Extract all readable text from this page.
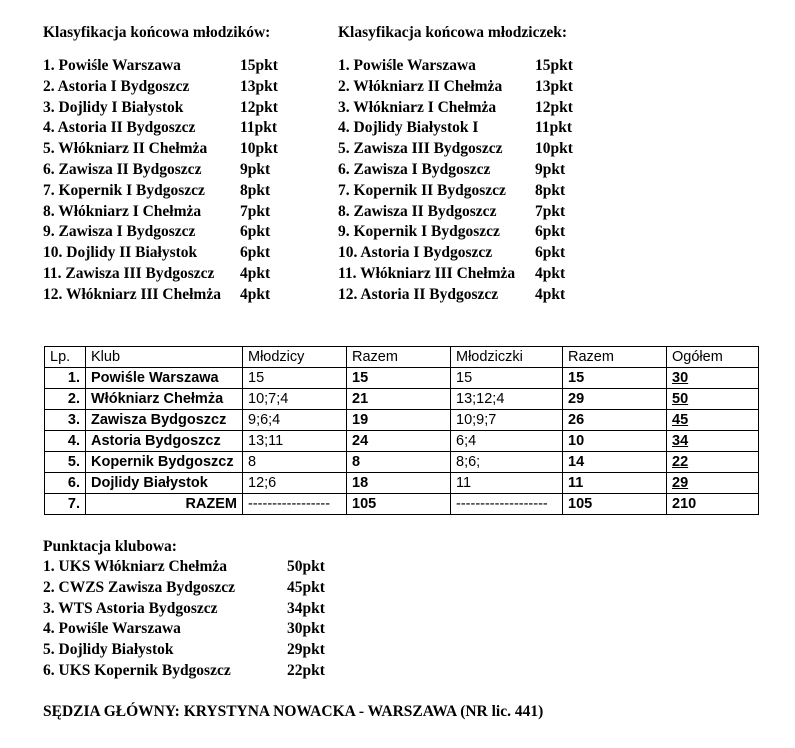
Klasyfikacja końcowa młodzików:	Klasyfikacja końcowa młodziczek:
1. Powiśle Warszawa	15pkt
2. Astoria I Bydgoszcz	13pkt
3. Dojlidy I Białystok	12pkt
4. Astoria II Bydgoszcz	11pkt
5. Włókniarz II Chełmża 10pkt
6. Zawisza II Bydgoszcz 9pkt
7. Kopernik I Bydgoszcz 8pkt
8. Włókniarz I Chełmża	7pkt
9. Zawisza I Bydgoszcz	6pkt
10. Dojlidy II Białystok	6pkt
11. Zawisza III Bydgoszcz 4pkt
12. Włókniarz III Chełmża 4pkt
1. Powiśle Warszawa	15pkt
2. Włókniarz II Chełmża 13pkt
3. Włókniarz I Chełmża	12pkt
4. Dojlidy Białystok I	11pkt
5. Zawisza III Bydgoszcz 10pkt
6. Zawisza I Bydgoszcz	9pkt
7. Kopernik II Bydgoszcz 8pkt
8. Zawisza II Bydgoszcz 7pkt
9. Kopernik I Bydgoszcz 6pkt
10. Astoria I Bydgoszcz	6pkt
11. Włókniarz III Chełmża 4pkt
12. Astoria II Bydgoszcz 4pkt
Lp.	Klub	Młodzicy	Razem	Młodziczki	Razem	Ogółem
1.	Powiśle Warszawa	15	15	15	15	30
2.	Włókniarz Chełmża	10;7;4	21	13;12;4	29	50
3.	Zawisza Bydgoszcz	9;6;4	19	10;9;7	26	45
4.	Astoria Bydgoszcz	13;11	24	6;4	10	34
5.	Kopernik Bydgoszcz	8	8	8;6;	14	22
6.	Dojlidy Białystok	12;6	18	11	11	29
7.	RAZEM	-----------------	105	-------------------	105	210
Punktacja klubowa:
1. UKS Włókniarz Chełmża	50pkt
2. CWZS Zawisza Bydgoszcz	45pkt
3. WTS Astoria Bydgoszcz	34pkt
4. Powiśle Warszawa	30pkt
5. Dojlidy Białystok	29pkt
6. UKS Kopernik Bydgoszcz	22pkt
SĘDZIA GŁÓWNY: KRYSTYNA NOWACKA - WARSZAWA (NR lic. 441)
